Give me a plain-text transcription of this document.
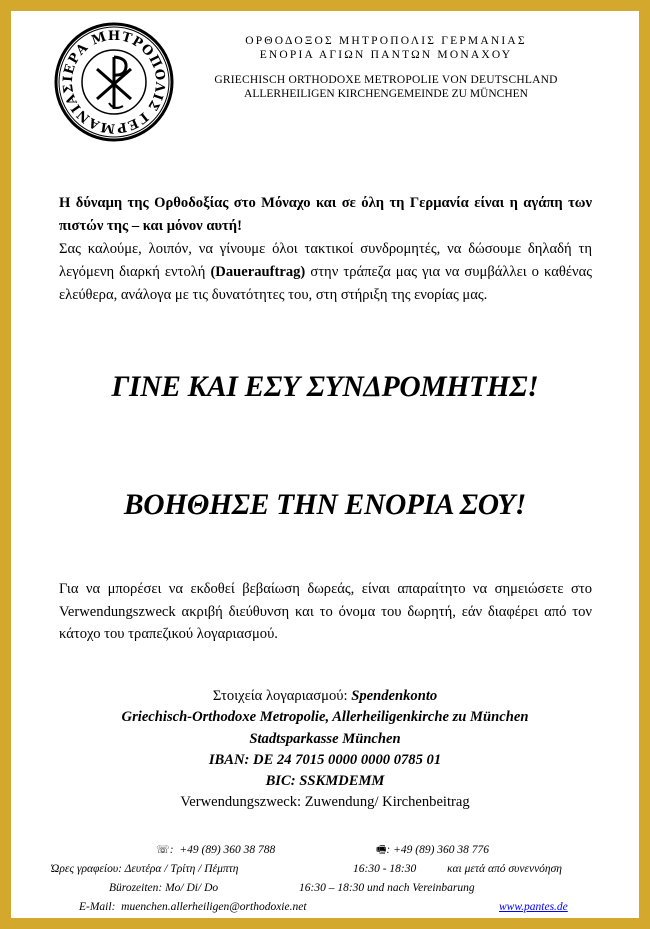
ΙΕΡΑ ΜΗΤΡΟΠΟΛΙΣ ΓΕΡΜΑΝΙΑΣ
ΟΡΘΟΔΟΞΟΣ ΜΗΤΡΟΠΟΛΙΣ ΓΕΡΜΑΝΙΑΣ
ΕΝΟΡΙΑ ΑΓΙΩΝ ΠΑΝΤΩΝ ΜΟΝΑΧΟΥ
GRIECHISCH ORTHODOXE METROPOLIE VON DEUTSCHLAND
ALLERHEILIGEN KIRCHENGEMEINDE ZU MÜNCHEN
Η δύναμη της Ορθοδοξίας στο Μόναχο και σε όλη τη Γερμανία είναι η αγάπη των πιστών της – και μόνον αυτή!
Σας καλούμε, λοιπόν, να γίνουμε όλοι τακτικοί συνδρομητές, να δώσουμε δηλαδή τη λεγόμενη διαρκή εντολή (Dauerauftrag) στην τράπεζα μας για να συμβάλλει ο καθένας ελεύθερα, ανάλογα με τις δυνατότητες του, στη στήριξη της ενορίας μας.
ΓΙΝΕ ΚΑΙ ΕΣΥ ΣΥΝΔΡΟΜΗΤΗΣ!
ΒΟΗΘΗΣΕ ΤΗΝ ΕΝΟΡΙΑ ΣΟΥ!
Για να μπορέσει να εκδοθεί βεβαίωση δωρεάς, είναι απαραίτητο να σημειώσετε στο Verwendungszweck ακριβή διεύθυνση και το όνομα του δωρητή, εάν διαφέρει από τον κάτοχο του τραπεζικού λογαριασμού.
Στοιχεία λογαριασμού: Spendenkonto
Griechisch-Orthodoxe Metropolie, Allerheiligenkirche zu München
Stadtsparkasse München
IBAN: DE 24 7015 0000 0000 0785 01
BIC: SSKMDEMM
Verwendungszweck: Zuwendung/ Kirchenbeitrag
☏:  +49 (89) 360 38 788	🖷: +49 (89) 360 38 776
Ώρες γραφείου: Δευτέρα / Τρίτη / Πέμπτη	16:30 - 18:30	και μετά από συνεννόηση
Bürozeiten: Mo/ Di/ Do	16:30 – 18:30 und nach Vereinbarung
E-Mail: muenchen.allerheiligen@orthodoxie.net	www.pantes.de
